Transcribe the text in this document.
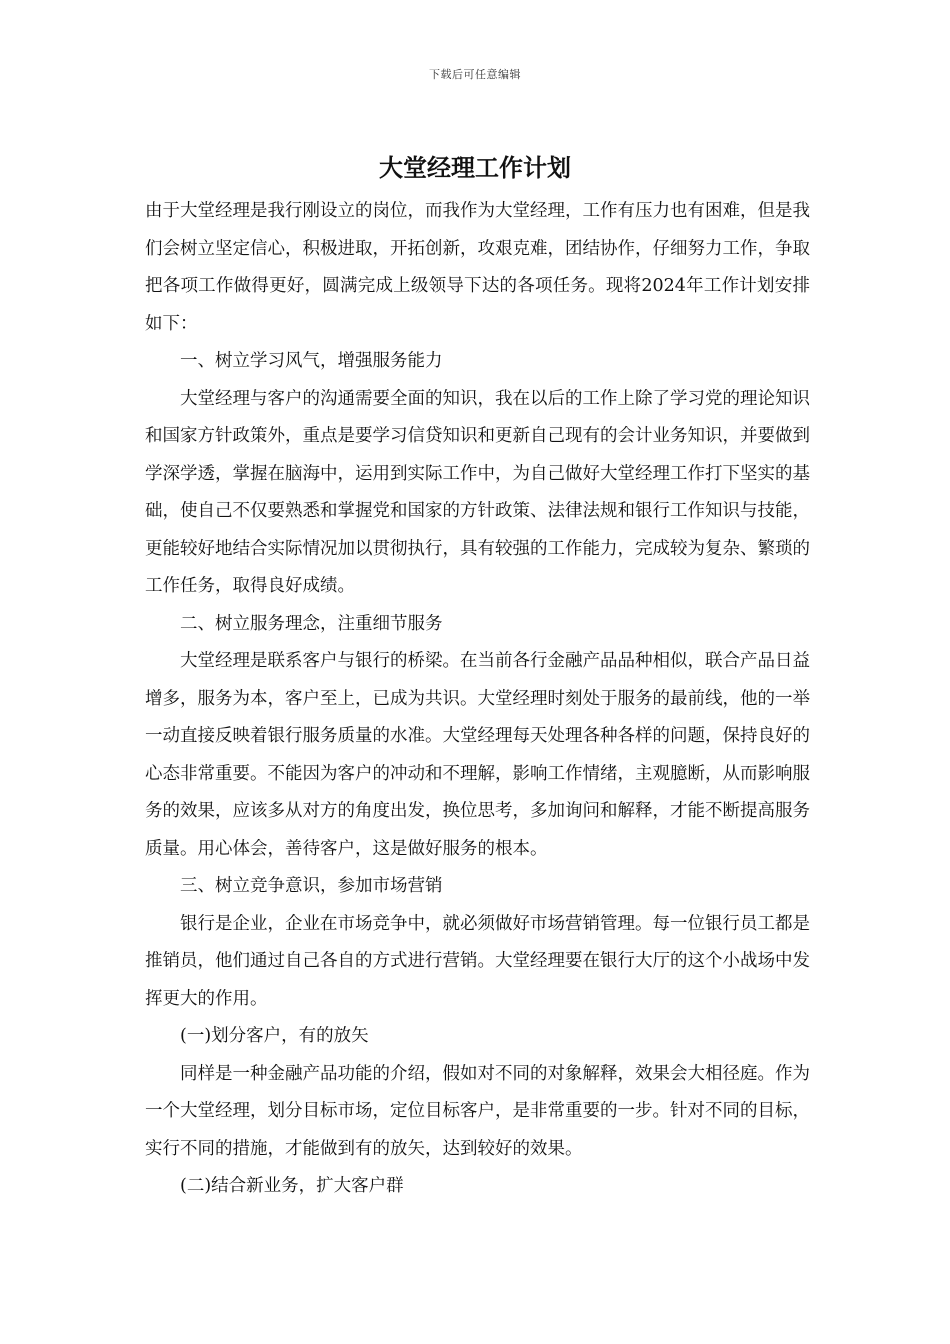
下载后可任意编辑
大堂经理工作计划

由于大堂经理是我行刚设立的岗位，而我作为大堂经理，工作有压力也有困难，但是我们会树立坚定信心，积极进取，开拓创新，攻艰克难，团结协作，仔细努力工作，争取把各项工作做得更好，圆满完成上级领导下达的各项任务。现将2024年工作计划安排如下：

一、树立学习风气，增强服务能力

大堂经理与客户的沟通需要全面的知识，我在以后的工作上除了学习党的理论知识和国家方针政策外，重点是要学习信贷知识和更新自己现有的会计业务知识，并要做到学深学透，掌握在脑海中，运用到实际工作中，为自己做好大堂经理工作打下坚实的基础，使自己不仅要熟悉和掌握党和国家的方针政策、法律法规和银行工作知识与技能，更能较好地结合实际情况加以贯彻执行，具有较强的工作能力，完成较为复杂、繁琐的工作任务，取得良好成绩。

二、树立服务理念，注重细节服务

大堂经理是联系客户与银行的桥梁。在当前各行金融产品品种相似，联合产品日益增多，服务为本，客户至上，已成为共识。大堂经理时刻处于服务的最前线，他的一举一动直接反映着银行服务质量的水准。大堂经理每天处理各种各样的问题，保持良好的心态非常重要。不能因为客户的冲动和不理解，影响工作情绪，主观臆断，从而影响服务的效果，应该多从对方的角度出发，换位思考，多加询问和解释，才能不断提高服务质量。用心体会，善待客户，这是做好服务的根本。

三、树立竞争意识，参加市场营销

银行是企业，企业在市场竞争中，就必须做好市场营销管理。每一位银行员工都是推销员，他们通过自己各自的方式进行营销。大堂经理要在银行大厅的这个小战场中发挥更大的作用。

(一)划分客户，有的放矢

同样是一种金融产品功能的介绍，假如对不同的对象解释，效果会大相径庭。作为一个大堂经理，划分目标市场，定位目标客户，是非常重要的一步。针对不同的目标，实行不同的措施，才能做到有的放矢，达到较好的效果。

(二)结合新业务，扩大客户群
